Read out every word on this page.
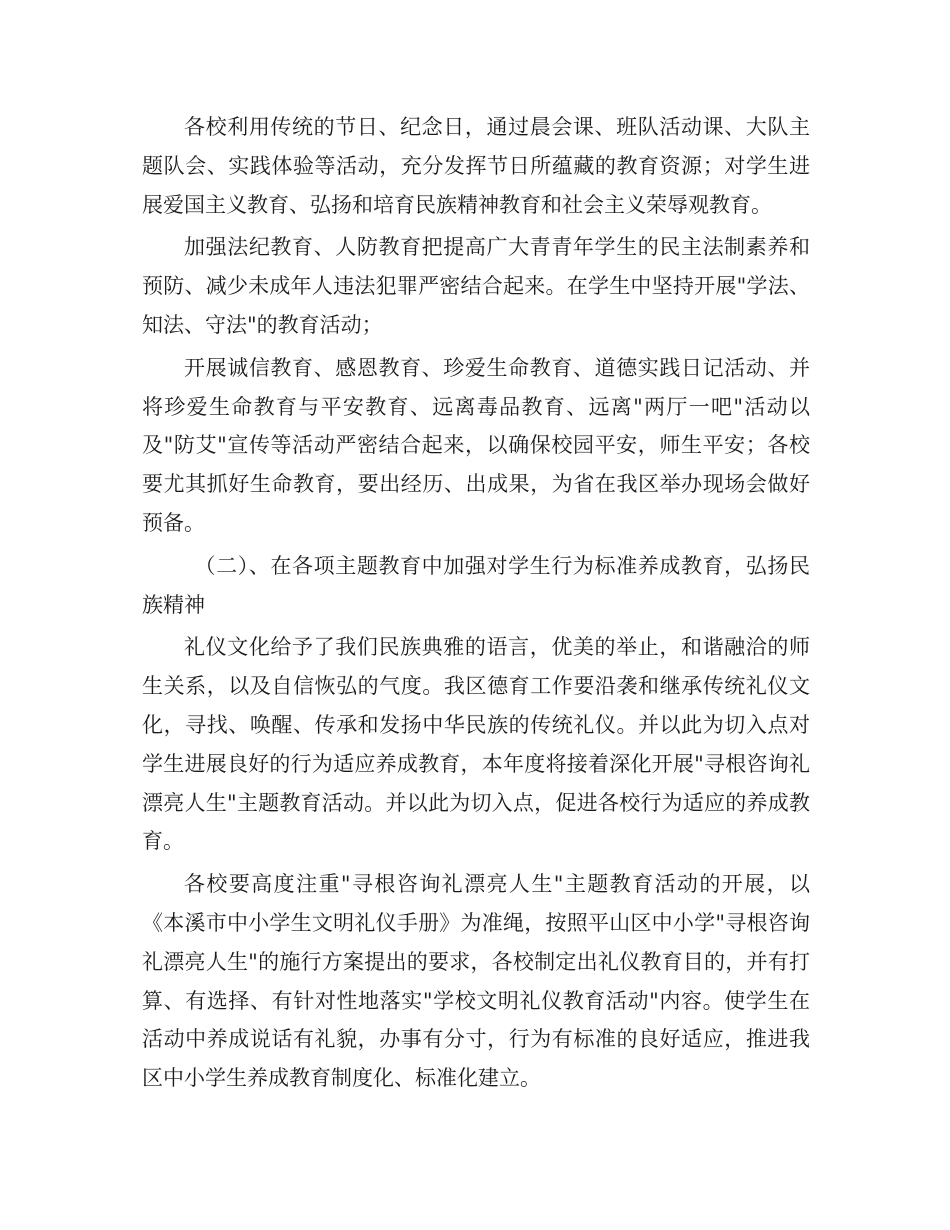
各校利用传统的节日、纪念日，通过晨会课、班队活动课、大队主题队会、实践体验等活动，充分发挥节日所蕴藏的教育资源；对学生进展爱国主义教育、弘扬和培育民族精神教育和社会主义荣辱观教育。

加强法纪教育、人防教育把提高广大青青年学生的民主法制素养和预防、减少未成年人违法犯罪严密结合起来。在学生中坚持开展"学法、知法、守法"的教育活动；

开展诚信教育、感恩教育、珍爱生命教育、道德实践日记活动、并将珍爱生命教育与平安教育、远离毒品教育、远离"两厅一吧"活动以及"防艾"宣传等活动严密结合起来，以确保校园平安，师生平安；各校要尤其抓好生命教育，要出经历、出成果，为省在我区举办现场会做好预备。

（二）、在各项主题教育中加强对学生行为标准养成教育，弘扬民族精神

礼仪文化给予了我们民族典雅的语言，优美的举止，和谐融洽的师生关系，以及自信恢弘的气度。我区德育工作要沿袭和继承传统礼仪文化，寻找、唤醒、传承和发扬中华民族的传统礼仪。并以此为切入点对学生进展良好的行为适应养成教育，本年度将接着深化开展"寻根咨询礼漂亮人生"主题教育活动。并以此为切入点，促进各校行为适应的养成教育。

各校要高度注重"寻根咨询礼漂亮人生"主题教育活动的开展，以《本溪市中小学生文明礼仪手册》为准绳，按照平山区中小学"寻根咨询礼漂亮人生"的施行方案提出的要求，各校制定出礼仪教育目的，并有打算、有选择、有针对性地落实"学校文明礼仪教育活动"内容。使学生在活动中养成说话有礼貌，办事有分寸，行为有标准的良好适应，推进我区中小学生养成教育制度化、标准化建立。
